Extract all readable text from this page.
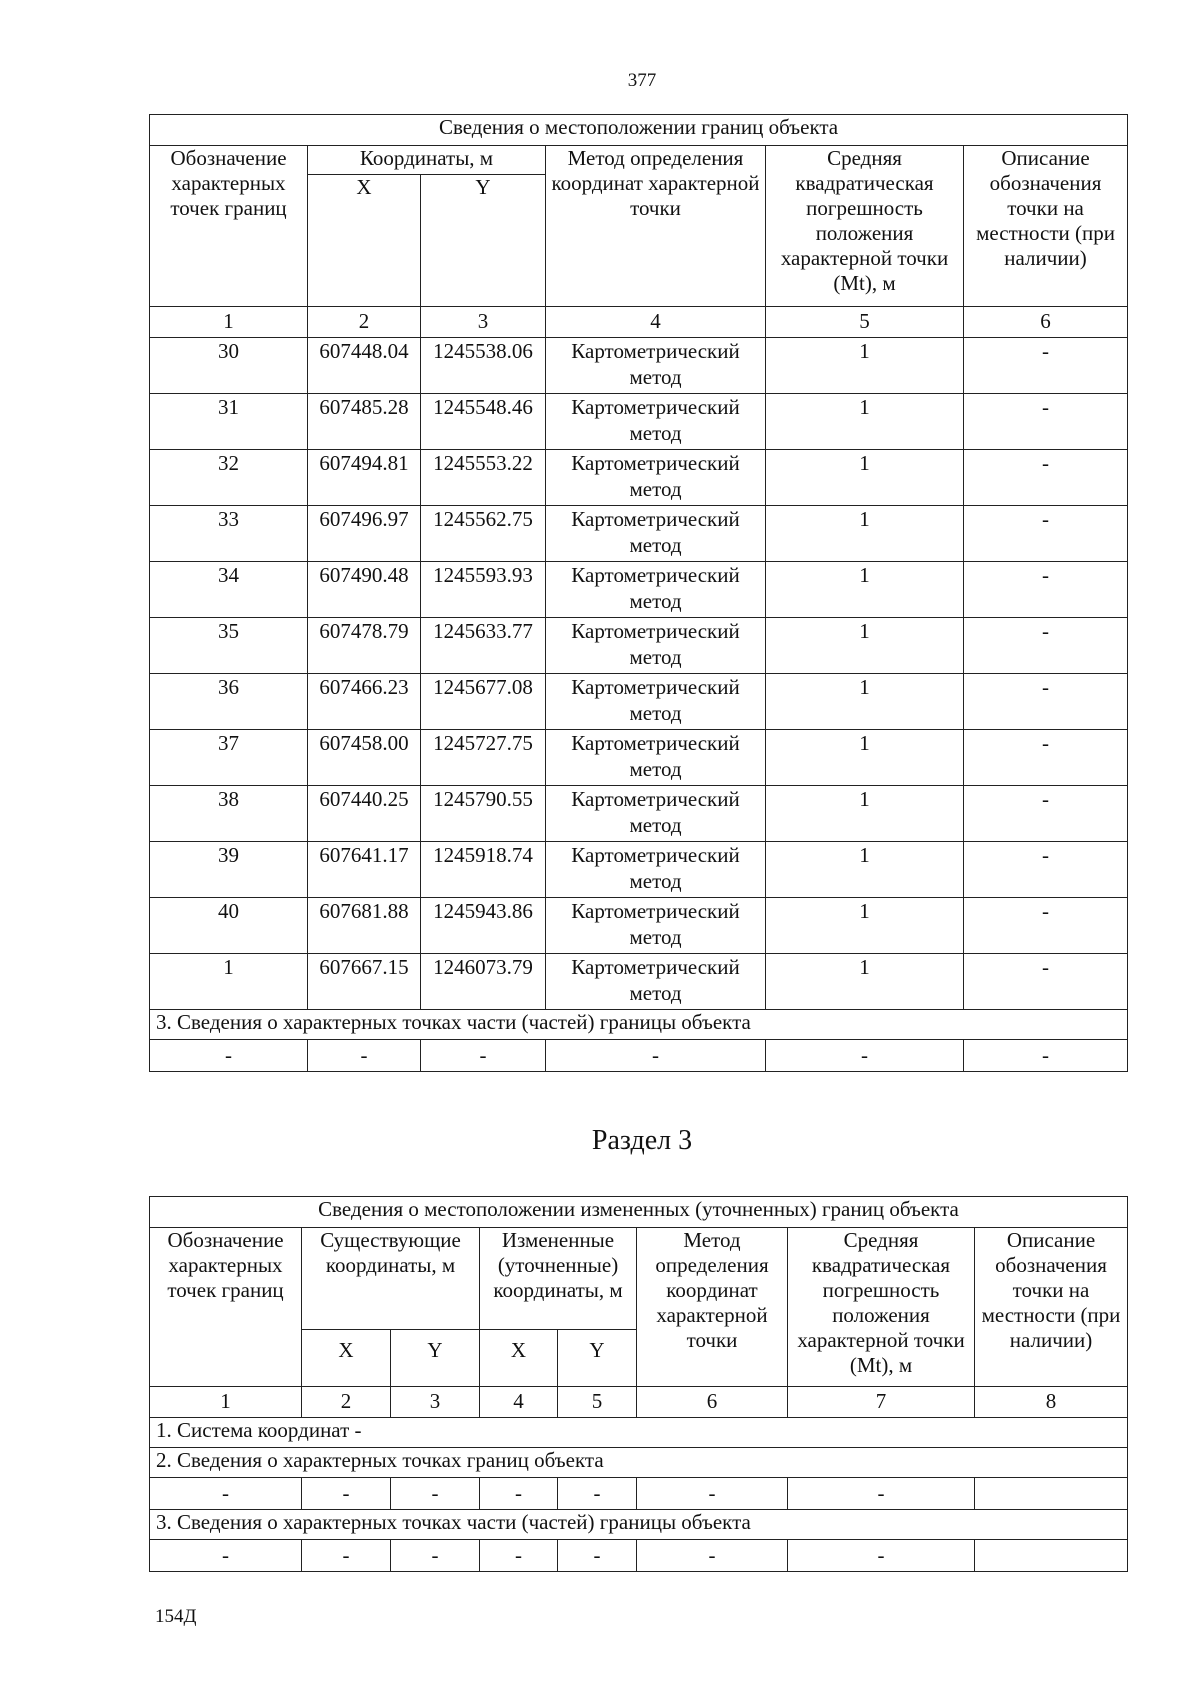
377
Сведения о местоположении границ объекта					
Обозначение характерных точек границ	Координаты, м		Метод определения координат характерной точки	Средняя квадратическая погрешность положения характерной точки (Mt), м	Описание обозначения точки на местности (при наличии)
	X	Y			
1	2	3	4	5	6
30	607448.04	1245538.06	Картометрический метод	1	-
31	607485.28	1245548.46	Картометрический метод	1	-
32	607494.81	1245553.22	Картометрический метод	1	-
33	607496.97	1245562.75	Картометрический метод	1	-
34	607490.48	1245593.93	Картометрический метод	1	-
35	607478.79	1245633.77	Картометрический метод	1	-
36	607466.23	1245677.08	Картометрический метод	1	-
37	607458.00	1245727.75	Картометрический метод	1	-
38	607440.25	1245790.55	Картометрический метод	1	-
39	607641.17	1245918.74	Картометрический метод	1	-
40	607681.88	1245943.86	Картометрический метод	1	-
1	607667.15	1246073.79	Картометрический метод	1	-
3. Сведения о характерных точках части (частей) границы объекта					
-	-	-	-	-	-
Раздел 3
Сведения о местоположении измененных (уточненных) границ объекта							
Обозначение характерных точек границ	Существующие координаты, м		Измененные (уточненные) координаты, м		Метод определения координат характерной точки	Средняя квадратическая погрешность положения характерной точки (Mt), м	Описание обозначения точки на местности (при наличии)
	X	Y	X	Y			
1	2	3	4	5	6	7	8
1. Система координат -							
2. Сведения о характерных точках границ объекта							
-	-	-	-	-	-	-	
3. Сведения о характерных точках части (частей) границы объекта							
-	-	-	-	-	-	-	
154Д
